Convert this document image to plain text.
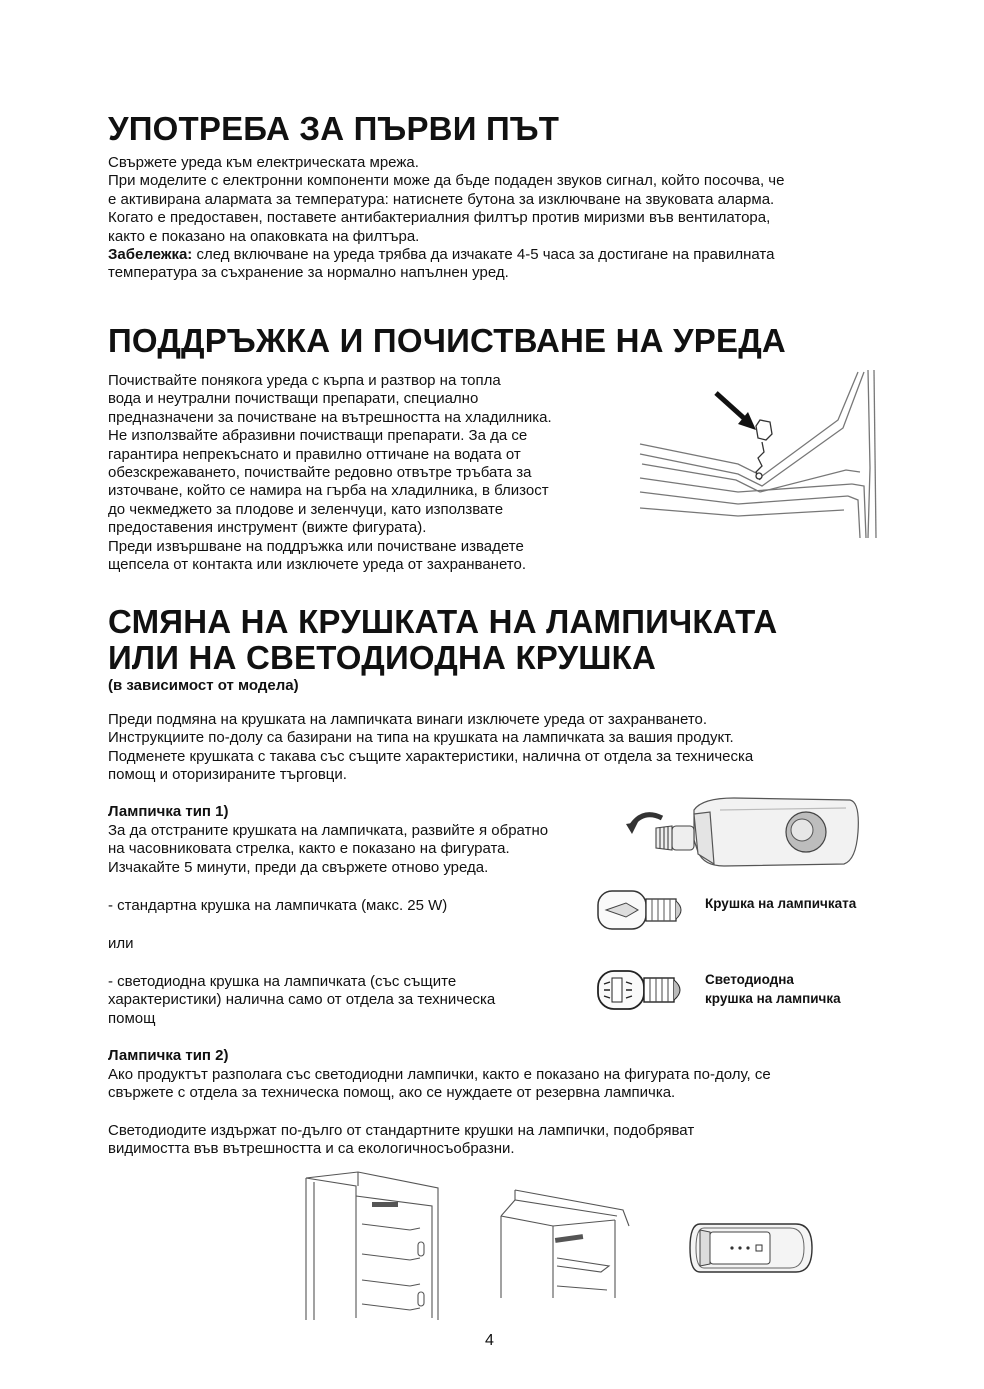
УПОТРЕБА ЗА ПЪРВИ ПЪТ
Свържете уреда към електрическата мрежа.
При моделите с електронни компоненти може да бъде подаден звуков сигнал, който посочва, че
е активирана алармата за температура: натиснете бутона за изключване на звуковата аларма.
Когато е предоставен, поставете антибактериалния филтър против миризми във вентилатора,
както е показано на опаковката на филтъра.
Забележка: след включване на уреда трябва да изчакате 4-5 часа за достигане на правилната
температура за съхранение за нормално напълнен уред.
ПОДДРЪЖКА И ПОЧИСТВАНЕ НА УРЕДА
Почиствайте понякога уреда с кърпа и разтвор на топла
вода и неутрални почистващи препарати, специално
предназначени за почистване на вътрешността на хладилника.
Не използвайте абразивни почистващи препарати. За да се
гарантира непрекъснато и правилно оттичане на водата от
обезскрежаването, почиствайте редовно отвътре тръбата за
източване, който се намира на гърба на хладилника, в близост
до чекмеджето за плодове и зеленчуци, като използвате
предоставения инструмент (вижте фигурата).
Преди извършване на поддръжка или почистване извадете
щепсела от контакта или изключете уреда от захранването.
СМЯНА НА КРУШКАТА НА ЛАМПИЧКАТА
ИЛИ НА СВЕТОДИОДНА КРУШКА
(в зависимост от модела)
Преди подмяна на крушката на лампичката винаги изключете уреда от захранването.
Инструкциите по-долу са базирани на типа на крушката на лампичката за вашия продукт.
Подменете крушката с такава със същите характеристики, налична от отдела за техническа
помощ и оторизираните търговци.
Лампичка тип 1)
За да отстраните крушката на лампичката, развийте я обратно
на часовниковата стрелка, както е показано на фигурата.
Изчакайте 5 минути, преди да свържете отново уреда.
- стандартна крушка на лампичката (макс. 25 W)	Крушка на лампичката
или
- светодиодна крушка на лампичката (със същите
характеристики) налична само от отдела за техническа
помощ
Светодиодна
крушка на лампичка
Лампичка тип 2)
Ако продуктът разполага със светодиодни лампички, както е показано на фигурата по-долу, се
свържете с отдела за техническа помощ, ако се нуждаете от резервна лампичка.
Светодиодите издържат по-дълго от стандартните крушки на лампички, подобряват
видимостта във вътрешността и са екологичносъобразни.
4
